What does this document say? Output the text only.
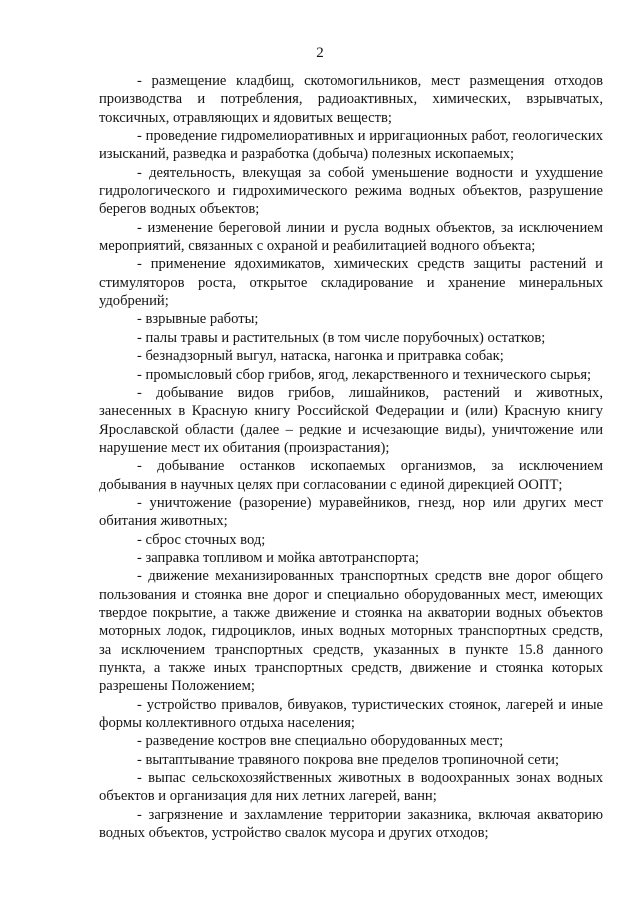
2

- размещение кладбищ, скотомогильников, мест размещения отходов производства и потребления, радиоактивных, химических, взрывчатых, токсичных, отравляющих и ядовитых веществ;

- проведение гидромелиоративных и ирригационных работ, геологических изысканий, разведка и разработка (добыча) полезных ископаемых;

- деятельность, влекущая за собой уменьшение водности и ухудшение гидрологического и гидрохимического режима водных объектов, разрушение берегов водных объектов;

- изменение береговой линии и русла водных объектов, за исключением мероприятий, связанных с охраной и реабилитацией водного объекта;

- применение ядохимикатов, химических средств защиты растений и стимуляторов роста, открытое складирование и хранение минеральных удобрений;

- взрывные работы;

- палы травы и растительных (в том числе порубочных) остатков;

- безнадзорный выгул, натаска, нагонка и притравка собак;

- промысловый сбор грибов, ягод, лекарственного и технического сырья;

- добывание видов грибов, лишайников, растений и животных, занесенных в Красную книгу Российской Федерации и (или) Красную книгу Ярославской области (далее – редкие и исчезающие виды), уничтожение или нарушение мест их обитания (произрастания);

- добывание останков ископаемых организмов, за исключением добывания в научных целях при согласовании с единой дирекцией ООПТ;

- уничтожение (разорение) муравейников, гнезд, нор или других мест обитания животных;

- сброс сточных вод;

- заправка топливом и мойка автотранспорта;

- движение механизированных транспортных средств вне дорог общего пользования и стоянка вне дорог и специально оборудованных мест, имеющих твердое покрытие, а также движение и стоянка на акватории водных объектов моторных лодок, гидроциклов, иных водных моторных транспортных средств, за исключением транспортных средств, указанных в пункте 15.8 данного пункта, а также иных транспортных средств, движение и стоянка которых разрешены Положением;

- устройство привалов, бивуаков, туристических стоянок, лагерей и иные формы коллективного отдыха населения;

- разведение костров вне специально оборудованных мест;

- вытаптывание травяного покрова вне пределов тропиночной сети;

- выпас сельскохозяйственных животных в водоохранных зонах водных объектов и организация для них летних лагерей, ванн;

- загрязнение и захламление территории заказника, включая акваторию водных объектов, устройство свалок мусора и других отходов;
